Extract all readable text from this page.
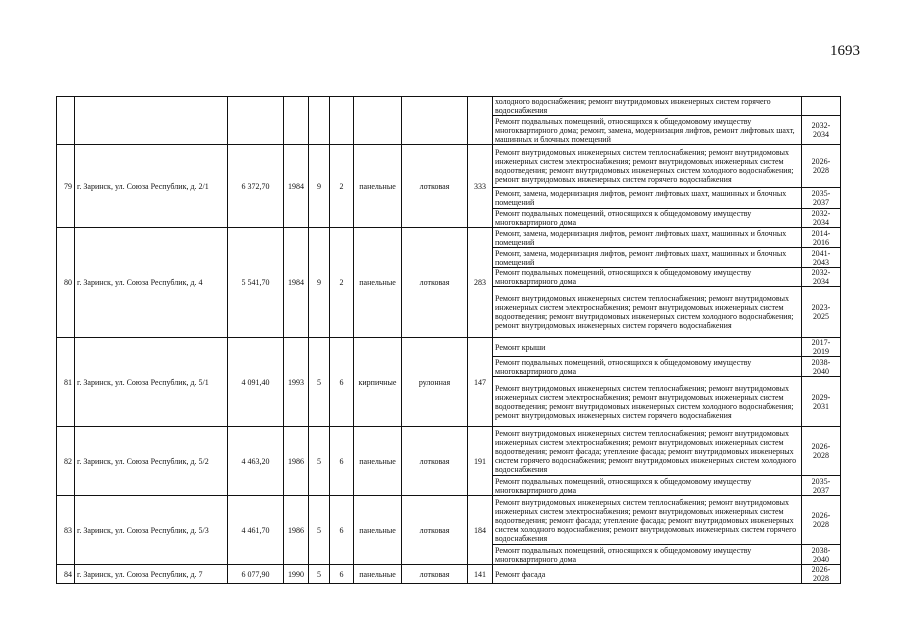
1693
									холодного водоснабжения; ремонт внутридомовых инженерных систем горячего водоснабжения	
									Ремонт подвальных помещений, относящихся к общедомовому имуществу многоквартирного дома; ремонт, замена, модернизация лифтов, ремонт лифтовых шахт, машинных и блочных помещений	2032-2034
79	г. Заринск, ул. Союза Республик, д. 2/1	6 372,70	1984	9	2	панельные	лотковая	333	Ремонт внутридомовых инженерных систем теплоснабжения; ремонт внутридомовых инженерных систем электроснабжения; ремонт внутридомовых инженерных систем водоотведения; ремонт внутридомовых инженерных систем холодного водоснабжения; ремонт внутридомовых инженерных систем горячего водоснабжения	2026-2028
									Ремонт, замена, модернизация лифтов, ремонт лифтовых шахт, машинных и блочных помещений	2035-2037
									Ремонт подвальных помещений, относящихся к общедомовому имуществу многоквартирного дома	2032-2034
80	г. Заринск, ул. Союза Республик, д. 4	5 541,70	1984	9	2	панельные	лотковая	283	Ремонт, замена, модернизация лифтов, ремонт лифтовых шахт, машинных и блочных помещений	2014-2016
									Ремонт, замена, модернизация лифтов, ремонт лифтовых шахт, машинных и блочных помещений	2041-2043
									Ремонт подвальных помещений, относящихся к общедомовому имуществу многоквартирного дома	2032-2034
									Ремонт внутридомовых инженерных систем теплоснабжения; ремонт внутридомовых инженерных систем электроснабжения; ремонт внутридомовых инженерных систем водоотведения; ремонт внутридомовых инженерных систем холодного водоснабжения; ремонт внутридомовых инженерных систем горячего водоснабжения	2023-2025
81	г. Заринск, ул. Союза Республик, д. 5/1	4 091,40	1993	5	6	кирпичные	рулонная	147	Ремонт крыши	2017-2019
									Ремонт подвальных помещений, относящихся к общедомовому имуществу многоквартирного дома	2038-2040
									Ремонт внутридомовых инженерных систем теплоснабжения; ремонт внутридомовых инженерных систем электроснабжения; ремонт внутридомовых инженерных систем водоотведения; ремонт внутридомовых инженерных систем холодного водоснабжения; ремонт внутридомовых инженерных систем горячего водоснабжения	2029-2031
82	г. Заринск, ул. Союза Республик, д. 5/2	4 463,20	1986	5	6	панельные	лотковая	191	Ремонт внутридомовых инженерных систем теплоснабжения; ремонт внутридомовых инженерных систем электроснабжения; ремонт внутридомовых инженерных систем водоотведения; ремонт фасада; утепление фасада; ремонт внутридомовых инженерных систем горячего водоснабжения; ремонт внутридомовых инженерных систем холодного водоснабжения	2026-2028
									Ремонт подвальных помещений, относящихся к общедомовому имуществу многоквартирного дома	2035-2037
83	г. Заринск, ул. Союза Республик, д. 5/3	4 461,70	1986	5	6	панельные	лотковая	184	Ремонт внутридомовых инженерных систем теплоснабжения; ремонт внутридомовых инженерных систем электроснабжения; ремонт внутридомовых инженерных систем водоотведения; ремонт фасада; утепление фасада; ремонт внутридомовых инженерных систем холодного водоснабжения; ремонт внутридомовых инженерных систем горячего водоснабжения	2026-2028
									Ремонт подвальных помещений, относящихся к общедомовому имуществу многоквартирного дома	2038-2040
84	г. Заринск, ул. Союза Республик, д. 7	6 077,90	1990	5	6	панельные	лотковая	141	Ремонт фасада	2026-2028
